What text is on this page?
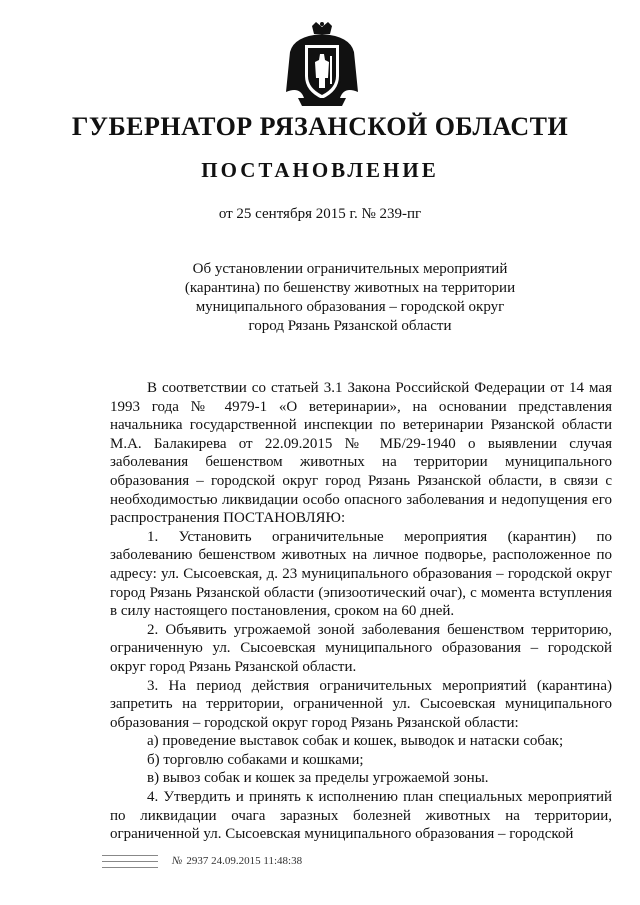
ГУБЕРНАТОР РЯЗАНСКОЙ ОБЛАСТИ
ПОСТАНОВЛЕНИЕ

от 25 сентября 2015 г. № 239-пг

Об установлении ограничительных мероприятий
(карантина) по бешенству животных на территории
муниципального образования – городской округ
город Рязань Рязанской области

В соответствии со статьей 3.1 Закона Российской Федерации от 14 мая 1993 года № 4979-1 «О ветеринарии», на основании представления начальника государственной инспекции по ветеринарии Рязанской области М.А. Балакирева от 22.09.2015 № МБ/29-1940 о выявлении случая заболевания бешенством животных на территории муниципального образования – городской округ город Рязань Рязанской области, в связи с необходимостью ликвидации особо опасного заболевания и недопущения его распространения ПОСТАНОВЛЯЮ:

1. Установить ограничительные мероприятия (карантин) по заболеванию бешенством животных на личное подворье, расположенное по адресу: ул. Сысоевская, д. 23 муниципального образования – городской округ город Рязань Рязанской области (эпизоотический очаг), с момента вступления в силу настоящего постановления, сроком на 60 дней.

2. Объявить угрожаемой зоной заболевания бешенством территорию, ограниченную ул. Сысоевская муниципального образования – городской округ город Рязань Рязанской области.

3. На период действия ограничительных мероприятий (карантина) запретить на территории, ограниченной ул. Сысоевская муниципального образования – городской округ город Рязань Рязанской области:

а) проведение выставок собак и кошек, выводок и натаски собак;

б) торговлю собаками и кошками;

в) вывоз собак и кошек за пределы угрожаемой зоны.

4. Утвердить и принять к исполнению план специальных мероприятий по ликвидации очага заразных болезней животных на территории, ограниченной ул. Сысоевская муниципального образования – городской

№ 2937 24.09.2015 11:48:38
